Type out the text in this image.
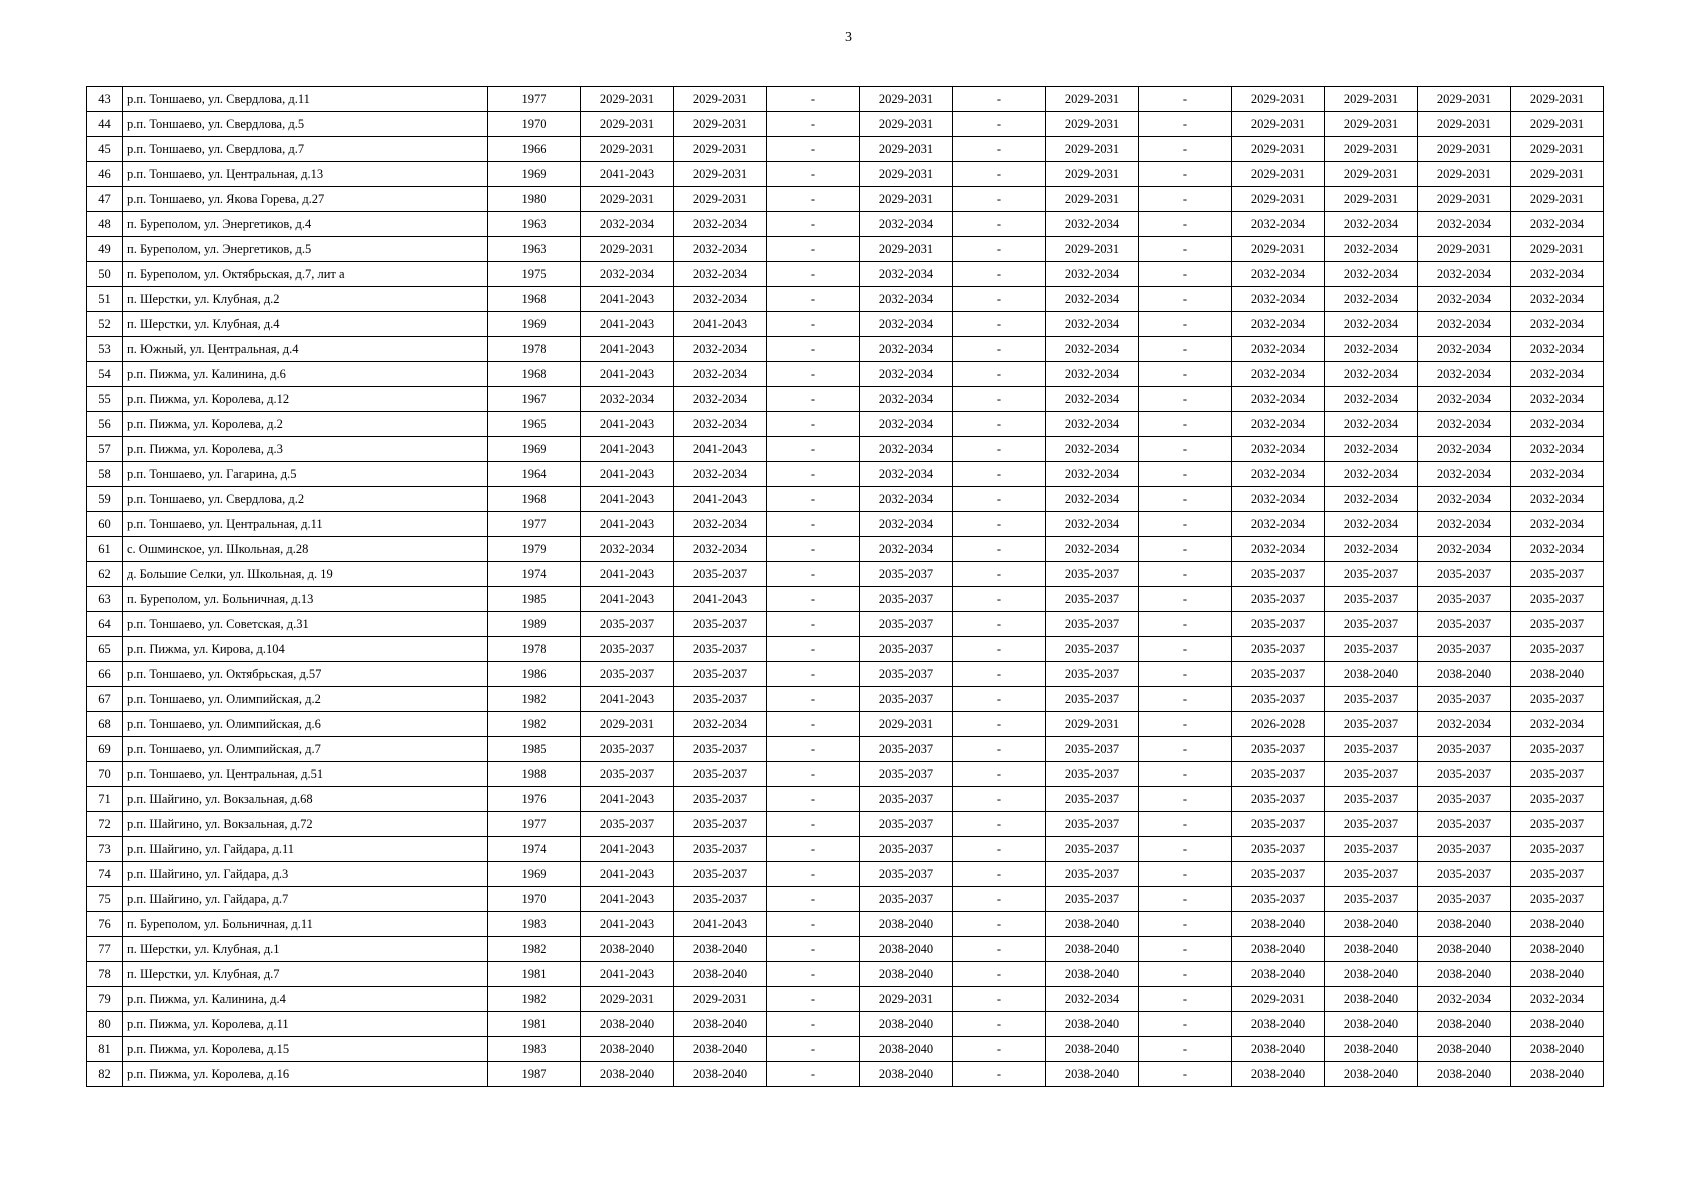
3
43	р.п. Тоншаево, ул. Свердлова, д.11	1977	2029-2031	2029-2031	-	2029-2031	-	2029-2031	-	2029-2031	2029-2031	2029-2031	2029-2031
44	р.п. Тоншаево, ул. Свердлова, д.5	1970	2029-2031	2029-2031	-	2029-2031	-	2029-2031	-	2029-2031	2029-2031	2029-2031	2029-2031
45	р.п. Тоншаево, ул. Свердлова, д.7	1966	2029-2031	2029-2031	-	2029-2031	-	2029-2031	-	2029-2031	2029-2031	2029-2031	2029-2031
46	р.п. Тоншаево, ул. Центральная, д.13	1969	2041-2043	2029-2031	-	2029-2031	-	2029-2031	-	2029-2031	2029-2031	2029-2031	2029-2031
47	р.п. Тоншаево, ул. Якова Горева, д.27	1980	2029-2031	2029-2031	-	2029-2031	-	2029-2031	-	2029-2031	2029-2031	2029-2031	2029-2031
48	п. Буреполом, ул. Энергетиков, д.4	1963	2032-2034	2032-2034	-	2032-2034	-	2032-2034	-	2032-2034	2032-2034	2032-2034	2032-2034
49	п. Буреполом, ул. Энергетиков, д.5	1963	2029-2031	2032-2034	-	2029-2031	-	2029-2031	-	2029-2031	2032-2034	2029-2031	2029-2031
50	п. Буреполом, ул. Октябрьская, д.7, лит а	1975	2032-2034	2032-2034	-	2032-2034	-	2032-2034	-	2032-2034	2032-2034	2032-2034	2032-2034
51	п. Шерстки, ул. Клубная, д.2	1968	2041-2043	2032-2034	-	2032-2034	-	2032-2034	-	2032-2034	2032-2034	2032-2034	2032-2034
52	п. Шерстки, ул. Клубная, д.4	1969	2041-2043	2041-2043	-	2032-2034	-	2032-2034	-	2032-2034	2032-2034	2032-2034	2032-2034
53	п. Южный, ул. Центральная, д.4	1978	2041-2043	2032-2034	-	2032-2034	-	2032-2034	-	2032-2034	2032-2034	2032-2034	2032-2034
54	р.п. Пижма, ул. Калинина, д.6	1968	2041-2043	2032-2034	-	2032-2034	-	2032-2034	-	2032-2034	2032-2034	2032-2034	2032-2034
55	р.п. Пижма, ул. Королева, д.12	1967	2032-2034	2032-2034	-	2032-2034	-	2032-2034	-	2032-2034	2032-2034	2032-2034	2032-2034
56	р.п. Пижма, ул. Королева, д.2	1965	2041-2043	2032-2034	-	2032-2034	-	2032-2034	-	2032-2034	2032-2034	2032-2034	2032-2034
57	р.п. Пижма, ул. Королева, д.3	1969	2041-2043	2041-2043	-	2032-2034	-	2032-2034	-	2032-2034	2032-2034	2032-2034	2032-2034
58	р.п. Тоншаево, ул. Гагарина, д.5	1964	2041-2043	2032-2034	-	2032-2034	-	2032-2034	-	2032-2034	2032-2034	2032-2034	2032-2034
59	р.п. Тоншаево, ул. Свердлова, д.2	1968	2041-2043	2041-2043	-	2032-2034	-	2032-2034	-	2032-2034	2032-2034	2032-2034	2032-2034
60	р.п. Тоншаево, ул. Центральная, д.11	1977	2041-2043	2032-2034	-	2032-2034	-	2032-2034	-	2032-2034	2032-2034	2032-2034	2032-2034
61	с. Ошминское, ул. Школьная, д.28	1979	2032-2034	2032-2034	-	2032-2034	-	2032-2034	-	2032-2034	2032-2034	2032-2034	2032-2034
62	д. Большие Селки, ул. Школьная, д. 19	1974	2041-2043	2035-2037	-	2035-2037	-	2035-2037	-	2035-2037	2035-2037	2035-2037	2035-2037
63	п. Буреполом, ул. Больничная, д.13	1985	2041-2043	2041-2043	-	2035-2037	-	2035-2037	-	2035-2037	2035-2037	2035-2037	2035-2037
64	р.п. Тоншаево, ул. Советская, д.31	1989	2035-2037	2035-2037	-	2035-2037	-	2035-2037	-	2035-2037	2035-2037	2035-2037	2035-2037
65	р.п. Пижма, ул. Кирова, д.104	1978	2035-2037	2035-2037	-	2035-2037	-	2035-2037	-	2035-2037	2035-2037	2035-2037	2035-2037
66	р.п. Тоншаево, ул. Октябрьская, д.57	1986	2035-2037	2035-2037	-	2035-2037	-	2035-2037	-	2035-2037	2038-2040	2038-2040	2038-2040
67	р.п. Тоншаево, ул. Олимпийская, д.2	1982	2041-2043	2035-2037	-	2035-2037	-	2035-2037	-	2035-2037	2035-2037	2035-2037	2035-2037
68	р.п. Тоншаево, ул. Олимпийская, д.6	1982	2029-2031	2032-2034	-	2029-2031	-	2029-2031	-	2026-2028	2035-2037	2032-2034	2032-2034
69	р.п. Тоншаево, ул. Олимпийская, д.7	1985	2035-2037	2035-2037	-	2035-2037	-	2035-2037	-	2035-2037	2035-2037	2035-2037	2035-2037
70	р.п. Тоншаево, ул. Центральная, д.51	1988	2035-2037	2035-2037	-	2035-2037	-	2035-2037	-	2035-2037	2035-2037	2035-2037	2035-2037
71	р.п. Шайгино, ул. Вокзальная, д.68	1976	2041-2043	2035-2037	-	2035-2037	-	2035-2037	-	2035-2037	2035-2037	2035-2037	2035-2037
72	р.п. Шайгино, ул. Вокзальная, д.72	1977	2035-2037	2035-2037	-	2035-2037	-	2035-2037	-	2035-2037	2035-2037	2035-2037	2035-2037
73	р.п. Шайгино, ул. Гайдара, д.11	1974	2041-2043	2035-2037	-	2035-2037	-	2035-2037	-	2035-2037	2035-2037	2035-2037	2035-2037
74	р.п. Шайгино, ул. Гайдара, д.3	1969	2041-2043	2035-2037	-	2035-2037	-	2035-2037	-	2035-2037	2035-2037	2035-2037	2035-2037
75	р.п. Шайгино, ул. Гайдара, д.7	1970	2041-2043	2035-2037	-	2035-2037	-	2035-2037	-	2035-2037	2035-2037	2035-2037	2035-2037
76	п. Буреполом, ул. Больничная, д.11	1983	2041-2043	2041-2043	-	2038-2040	-	2038-2040	-	2038-2040	2038-2040	2038-2040	2038-2040
77	п. Шерстки, ул. Клубная, д.1	1982	2038-2040	2038-2040	-	2038-2040	-	2038-2040	-	2038-2040	2038-2040	2038-2040	2038-2040
78	п. Шерстки, ул. Клубная, д.7	1981	2041-2043	2038-2040	-	2038-2040	-	2038-2040	-	2038-2040	2038-2040	2038-2040	2038-2040
79	р.п. Пижма, ул. Калинина, д.4	1982	2029-2031	2029-2031	-	2029-2031	-	2032-2034	-	2029-2031	2038-2040	2032-2034	2032-2034
80	р.п. Пижма, ул. Королева, д.11	1981	2038-2040	2038-2040	-	2038-2040	-	2038-2040	-	2038-2040	2038-2040	2038-2040	2038-2040
81	р.п. Пижма, ул. Королева, д.15	1983	2038-2040	2038-2040	-	2038-2040	-	2038-2040	-	2038-2040	2038-2040	2038-2040	2038-2040
82	р.п. Пижма, ул. Королева, д.16	1987	2038-2040	2038-2040	-	2038-2040	-	2038-2040	-	2038-2040	2038-2040	2038-2040	2038-2040
